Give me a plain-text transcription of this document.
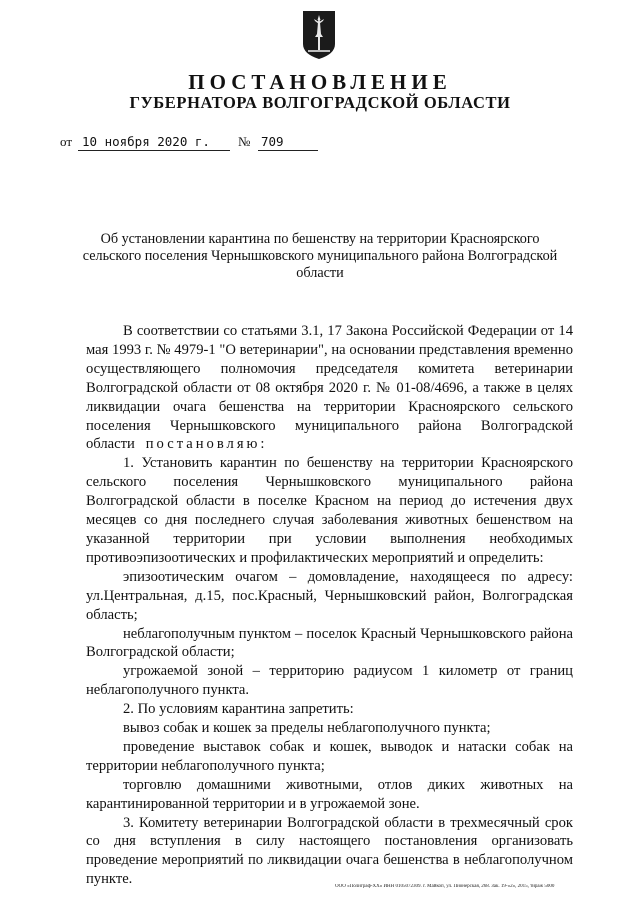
ПОСТАНОВЛЕНИЕ
ГУБЕРНАТОРА ВОЛГОГРАДСКОЙ ОБЛАСТИ
от 10 ноября 2020 г.	№ 709
Об установлении карантина по бешенству на территории Красноярского сельского поселения Чернышковского муниципального района Волгоградской области

В соответствии со статьями 3.1, 17 Закона Российской Федерации от 14 мая 1993 г. № 4979-1 "О ветеринарии", на основании представления временно осуществляющего полномочия председателя комитета ветеринарии Волгоградской области от 08 октября 2020 г. № 01-08/4696, а также в целях ликвидации очага бешенства на территории Красноярского сельского поселения Чернышковского муниципального района Волгоградской области постановляю:

1. Установить карантин по бешенству на территории Красноярского сельского поселения Чернышковского муниципального района Волгоградской области в поселке Красном на период до истечения двух месяцев со дня последнего случая заболевания животных бешенством на указанной территории при условии выполнения необходимых противоэпизоотических и профилактических мероприятий и определить:

эпизоотическим очагом – домовладение, находящееся по адресу: ул.Центральная, д.15, пос.Красный, Чернышковский район, Волгоградская область;

неблагополучным пунктом – поселок Красный Чернышковского района Волгоградской области;

угрожаемой зоной – территорию радиусом 1 километр от границ неблагополучного пункта.

2. По условиям карантина запретить:

вывоз собак и кошек за пределы неблагополучного пункта;

проведение выставок собак и кошек, выводок и натаски собак на территории неблагополучного пункта;

торговлю домашними животными, отлов диких животных на карантинированной территории и в угрожаемой зоне.

3. Комитету ветеринарии Волгоградской области в трехмесячный срок со дня вступления в силу настоящего постановления организовать проведение мероприятий по ликвидации очага бешенства в неблагополучном пункте.	ООО «Полиграф-ХХ» ИНН 0105072309. г. Майкоп, ул. Пионерская, 268. Зак. 19-«2», 2015, тираж 5000
